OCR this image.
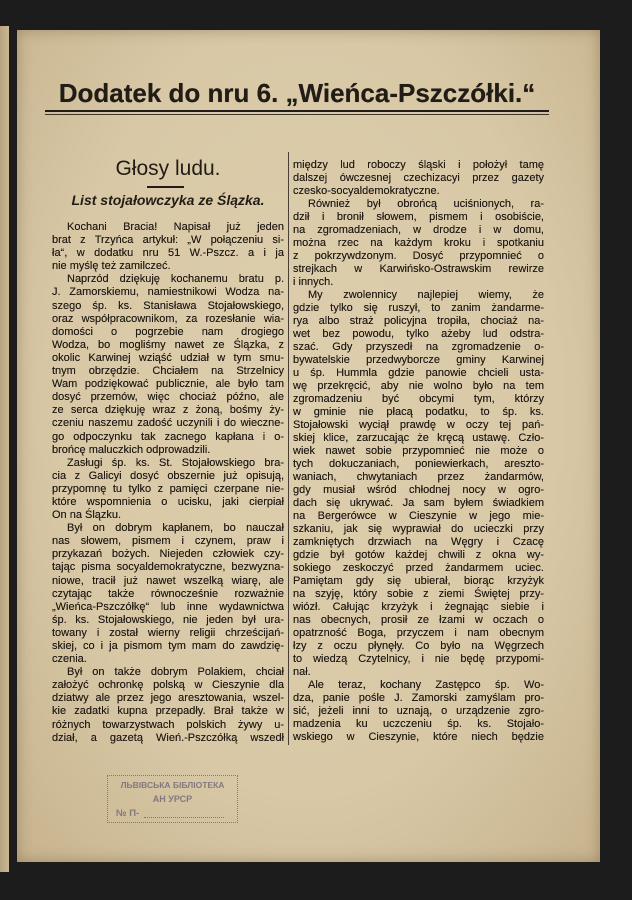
Dodatek do nru 6. „Wieńca-Pszczółki.“
Głosy ludu.
List stojałowczyka ze Ślązka.
Kochani Bracia! Napisał już jeden
brat z Trzyńca artykuł: „W połączeniu si-
ła“, w dodatku nru 51 W.-Pszcz. a i ja
nie myślę też zamilczeć.
Naprzód dziękuję kochanemu bratu p.
J. Zamorskiemu, namiestnikowi Wodza na-
szego śp. ks. Stanisława Stojałowskiego,
oraz współpracownikom, za rozesłanie wia-
domości o pogrzebie nam drogiego
Wodza, bo mogliśmy nawet ze Ślązka, z
okolic Karwinej wziąść udział w tym smu-
tnym obrzędzie. Chciałem na Strzelnicy
Wam podziękować publicznie, ale było tam
dosyć przemów, więc chociaż późno, ale
ze serca dziękuję wraz z żoną, bośmy ży-
czeniu naszemu zadość uczynili i do wieczne-
go odpoczynku tak zacnego kapłana i o-
brońcę maluczkich odprowadzili.
Zasługi śp. ks. St. Stojałowskiego bra-
cia z Galicyi dosyć obszernie już opisują,
przypomnę tu tylko z pamięci czerpane nie-
które wspomnienia o ucisku, jaki cierpiał
On na Ślązku.
Był on dobrym kapłanem, bo nauczał
nas słowem, pismem i czynem, praw i
przykazań bożych. Niejeden człowiek czy-
tając pisma socyaldemokratyczne, bezwyzna-
niowe, tracił już nawet wszelką wiarę, ale
czytając także równocześnie rozważnie
„Wieńca-Pszczółkę“ lub inne wydawnictwa
śp. ks. Stojałowskiego, nie jeden był ura-
towany i został wierny religii chrześcijań-
skiej, co i ja pismom tym mam do zawdzię-
czenia.
Był on także dobrym Polakiem, chciał
założyć ochronkę polską w Cieszynie dla
dziatwy ale przez jego aresztowania, wszel-
kie zadatki kupna przepadły. Brał także w
różnych towarzystwach polskich żywy u-
dział, a gazetą Wień.-Pszczółką wszedł
między lud roboczy śląski i położył tamę
dalszej ówczesnej czechizacyi przez gazety
czesko-socyaldemokratyczne.
Również był obrońcą uciśnionych, ra-
dził i bronił słowem, pismem i osobiście,
na zgromadzeniach, w drodze i w domu,
można rzec na każdym kroku i spotkaniu
z pokrzywdzonym. Dosyć przypomnieć o
strejkach w Karwińsko-Ostrawskim rewirze
i innych.
My zwolennicy najlepiej wiemy, że
gdzie tylko się ruszył, to zanim żandarme-
rya albo straż policyjna tropiła, chociaż na-
wet bez powodu, tylko ażeby lud odstra-
szać. Gdy przyszedł na zgromadzenie o-
bywatelskie przedwyborcze gminy Karwinej
u śp. Hummla gdzie panowie chcieli usta-
wę przekręcić, aby nie wolno było na tem
zgromadzeniu być obcymi tym, którzy
w gminie nie płacą podatku, to śp. ks.
Stojałowski wyciął prawdę w oczy tej pań-
skiej klice, zarzucając że kręcą ustawę. Czło-
wiek nawet sobie przypomnieć nie może o
tych dokuczaniach, poniewierkach, areszto-
waniach, chwytaniach przez żandarmów,
gdy musiał wśród chłodnej nocy w ogro-
dach się ukrywać. Ja sam byłem świadkiem
na Bergerówce w Cieszynie w jego mie-
szkaniu, jak się wyprawiał do ucieczki przy
zamkniętych drzwiach na Węgry i Czacę
gdzie był gotów każdej chwili z okna wy-
sokiego zeskoczyć przed żandarmem uciec.
Pamiętam gdy się ubierał, biorąc krzyżyk
na szyję, który sobie z ziemi Świętej przy-
wiózł. Całując krzyżyk i żegnając siebie i
nas obecnych, prosił ze łzami w oczach o
opatrzność Boga, przyczem i nam obecnym
łzy z oczu płynęły. Co było na Węgrzech
to wiedzą Czytelnicy, i nie będę przypomi-
nał.
Ale teraz, kochany Zastępco śp. Wo-
dza, panie pośle J. Zamorski zamyślam pro-
sić, jeżeli inni to uznają, o urządzenie zgro-
madzenia ku uczczeniu śp. ks. Stojało-
wskiego w Cieszynie, które niech będzie
ЛЬВІВСЬКА БІБЛІОТЕКА
АН УРСР
№ П-
